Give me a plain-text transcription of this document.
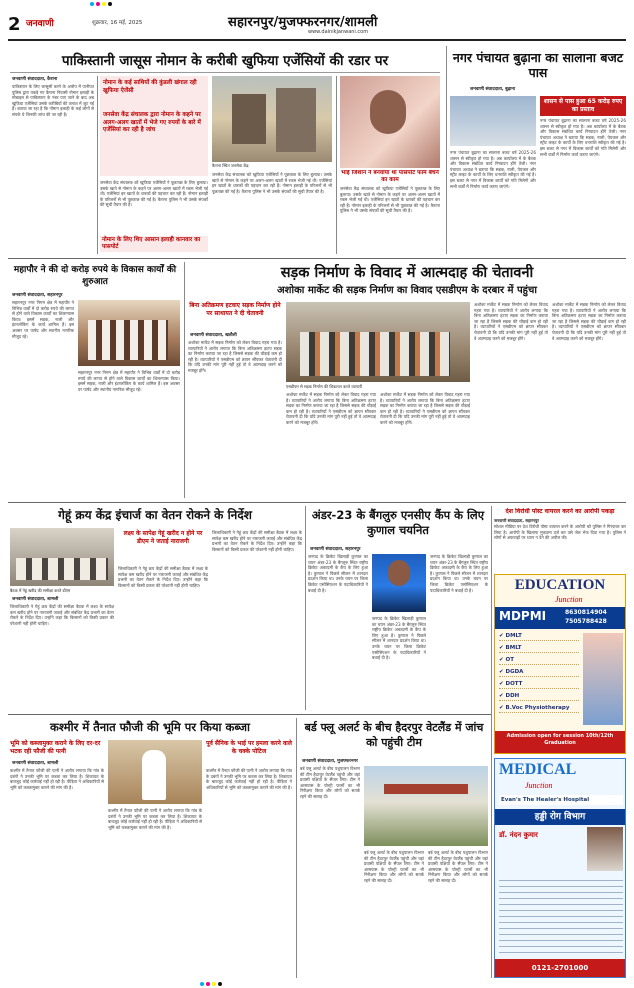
2 जनवाणी	शुक्रवार, 16 मई, 2025	सहारनपुर/मुजफ्फरनगर/शामली
www.dainikjanwani.com
पाकिस्तानी जासूस नोमान के करीबी खुफिया एजेंसियों की रडार पर
जनवाणी संवाददाता, कैराना
पाकिस्तान के लिए जासूसी करने के आरोप में पानीपत पुलिस द्वारा पकड़े गए कैराना निवासी नोमान इलाही के मोबाइल से पाकिस्तान के नंबर पाए जाने के बाद अब खुफिया एजेंसियां उसके करीबियों की तलाश में जुट गई हैं। बताया जा रहा है कि नोमान इलाही के कई लोगों से संपर्क थे जिनकी जांच की जा रही है।
नोमान के कई साथियों की कुंडली खंगाल रही खुफिया ऐजेंसी
जनसेवा केंद्र संचालक द्वारा नोमान के कहने पर अलग-अलग खातों में भेजे गए रुपयों के बारे में एजेंसियां कर रही है जांच
कैराना स्थित जनसेवा केंद्र
भाई जिशान ने बनवाया था पासपोर्ट फार्म बेचने का काम
जनसेवा केंद्र संचालक को खुफिया एजेंसियों ने पूछताछ के लिए बुलाया। उसके खाते से नोमान के कहने पर अलग-अलग खातों में रकम भेजी गई थी। एजेंसियां इन खातों के धारकों की पहचान कर रही हैं। नोमान इलाही के परिजनों से भी पूछताछ की गई है। कैराना पुलिस ने भी उसके संपर्कों की सूची तैयार की है।
जनसेवा केंद्र संचालक को खुफिया एजेंसियों ने पूछताछ के लिए बुलाया। उसके खाते से नोमान के कहने पर अलग-अलग खातों में रकम भेजी गई थी। एजेंसियां इन खातों के धारकों की पहचान कर रही हैं। नोमान इलाही के परिजनों से भी पूछताछ की गई है। कैराना पुलिस ने भी उसके संपर्कों की सूची तैयार की है।
नोमान के लिए थिए आसान इलाही कानवार का पासपोर्ट
जनसेवा केंद्र संचालक को खुफिया एजेंसियों ने पूछताछ के लिए बुलाया। उसके खाते से नोमान के कहने पर अलग-अलग खातों में रकम भेजी गई थी। एजेंसियां इन खातों के धारकों की पहचान कर रही हैं। नोमान इलाही के परिजनों से भी पूछताछ की गई है। कैराना पुलिस ने भी उसके संपर्कों की सूची तैयार की है।
नगर पंचायत बुढ़ाना का सालाना बजट पास
जनवाणी संवाददाता, बुढ़ाना
शासन से पास हुआ 65 करोड़ रुपए का प्रस्ताव
नगर पंचायत बुढ़ाना का सालाना बजट वर्ष 2025-26 शासन से स्वीकृत हो गया है। अब कार्यालय में के बैठक और विकास संबंधित कार्य निष्पादन होंगे तेजी। नगर पंचायत अध्यक्ष ने बताया कि सड़क, नाली, पेयजल और स्ट्रीट लाइट के कार्यों के लिए धनराशि स्वीकृत की गई है। इस बजट से नगर में विकास कार्यों को गति मिलेगी और सभी वार्डों में निर्माण कार्य कराए जाएंगे।
नगर पंचायत बुढ़ाना का सालाना बजट वर्ष 2025-26 शासन से स्वीकृत हो गया है। अब कार्यालय में के बैठक और विकास संबंधित कार्य निष्पादन होंगे तेजी। नगर पंचायत अध्यक्ष ने बताया कि सड़क, नाली, पेयजल और स्ट्रीट लाइट के कार्यों के लिए धनराशि स्वीकृत की गई है। इस बजट से नगर में विकास कार्यों को गति मिलेगी और सभी वार्डों में निर्माण कार्य कराए जाएंगे।
महापौर ने की दो करोड़ रुपये के विकास कार्यों की शुरुआत
जनवाणी संवाददाता, सहारनपुर
सहारनपुर नगर निगम क्षेत्र में महापौर ने विभिन्न वार्डों में दो करोड़ रुपये की लागत से होने वाले विकास कार्यों का शिलान्यास किया। इसमें सड़क, नाली और इंटरलॉकिंग के कार्य शामिल हैं। इस अवसर पर पार्षद और स्थानीय नागरिक मौजूद रहे।
सहारनपुर नगर निगम क्षेत्र में महापौर ने विभिन्न वार्डों में दो करोड़ रुपये की लागत से होने वाले विकास कार्यों का शिलान्यास किया। इसमें सड़क, नाली और इंटरलॉकिंग के कार्य शामिल हैं। इस अवसर पर पार्षद और स्थानीय नागरिक मौजूद रहे।
सड़क निर्माण के विवाद में आत्मदाह की चेतावनी
अशोका मार्केट की सड़क निर्माण का विवाद एसडीएम के दरबार में पहुंचा
बिना अतिक्रमण हटवाए सड़क निर्माण होने पर साथायत ने दी चेतावनी
जनवाणी संवाददाता, खतौली
अशोका मार्केट में सड़क निर्माण को लेकर विवाद गहरा गया है। व्यापारियों ने आरोप लगाया कि बिना अतिक्रमण हटाए सड़क का निर्माण कराया जा रहा है जिससे सड़क की चौड़ाई कम हो रही है। व्यापारियों ने एसडीएम को ज्ञापन सौंपकर चेतावनी दी कि यदि उनकी मांग पूरी नहीं हुई तो वे आत्मदाह करने को मजबूर होंगे।
एसडीएम से सड़क निर्माण की शिकायत करते व्यापारी
अशोका मार्केट में सड़क निर्माण को लेकर विवाद गहरा गया है। व्यापारियों ने आरोप लगाया कि बिना अतिक्रमण हटाए सड़क का निर्माण कराया जा रहा है जिससे सड़क की चौड़ाई कम हो रही है। व्यापारियों ने एसडीएम को ज्ञापन सौंपकर चेतावनी दी कि यदि उनकी मांग पूरी नहीं हुई तो वे आत्मदाह करने को मजबूर होंगे।
अशोका मार्केट में सड़क निर्माण को लेकर विवाद गहरा गया है। व्यापारियों ने आरोप लगाया कि बिना अतिक्रमण हटाए सड़क का निर्माण कराया जा रहा है जिससे सड़क की चौड़ाई कम हो रही है। व्यापारियों ने एसडीएम को ज्ञापन सौंपकर चेतावनी दी कि यदि उनकी मांग पूरी नहीं हुई तो वे आत्मदाह करने को मजबूर होंगे।
अशोका मार्केट में सड़क निर्माण को लेकर विवाद गहरा गया है। व्यापारियों ने आरोप लगाया कि बिना अतिक्रमण हटाए सड़क का निर्माण कराया जा रहा है जिससे सड़क की चौड़ाई कम हो रही है। व्यापारियों ने एसडीएम को ज्ञापन सौंपकर चेतावनी दी कि यदि उनकी मांग पूरी नहीं हुई तो वे आत्मदाह करने को मजबूर होंगे।
अशोका मार्केट में सड़क निर्माण को लेकर विवाद गहरा गया है। व्यापारियों ने आरोप लगाया कि बिना अतिक्रमण हटाए सड़क का निर्माण कराया जा रहा है जिससे सड़क की चौड़ाई कम हो रही है। व्यापारियों ने एसडीएम को ज्ञापन सौंपकर चेतावनी दी कि यदि उनकी मांग पूरी नहीं हुई तो वे आत्मदाह करने को मजबूर होंगे।
गेहूं क्रय केंद्र इंचार्ज का वेतन रोकने के निर्देश
बैठक में गेहूं खरीद की समीक्षा करते डीएम
जनवाणी संवाददाता, शामली
जिलाधिकारी ने गेहूं क्रय केंद्रों की समीक्षा बैठक में लक्ष्य के सापेक्ष कम खरीद होने पर नाराजगी जताई और संबंधित केंद्र प्रभारी का वेतन रोकने के निर्देश दिए। उन्होंने कहा कि किसानों को किसी प्रकार की परेशानी नहीं होनी चाहिए।
लक्ष्य के सापेक्ष गेहूं खरीद न होने पर डीएम ने जताई नाराजगी
जिलाधिकारी ने गेहूं क्रय केंद्रों की समीक्षा बैठक में लक्ष्य के सापेक्ष कम खरीद होने पर नाराजगी जताई और संबंधित केंद्र प्रभारी का वेतन रोकने के निर्देश दिए। उन्होंने कहा कि किसानों को किसी प्रकार की परेशानी नहीं होनी चाहिए।
जिलाधिकारी ने गेहूं क्रय केंद्रों की समीक्षा बैठक में लक्ष्य के सापेक्ष कम खरीद होने पर नाराजगी जताई और संबंधित केंद्र प्रभारी का वेतन रोकने के निर्देश दिए। उन्होंने कहा कि किसानों को किसी प्रकार की परेशानी नहीं होनी चाहिए।
अंडर-23 के बैंगलुरु एनसीए कैंप के लिए कुणाल चयनित
जनवाणी संवाददाता, सहारनपुर
जनपद के क्रिकेट खिलाड़ी कुणाल का चयन अंडर-23 के बैंगलुरु स्थित राष्ट्रीय क्रिकेट अकादमी के कैंप के लिए हुआ है। कुणाल ने पिछले सीजन में शानदार प्रदर्शन किया था। उनके चयन पर जिला क्रिकेट एसोसिएशन के पदाधिकारियों ने बधाई दी है।
जनपद के क्रिकेट खिलाड़ी कुणाल का चयन अंडर-23 के बैंगलुरु स्थित राष्ट्रीय क्रिकेट अकादमी के कैंप के लिए हुआ है। कुणाल ने पिछले सीजन में शानदार प्रदर्शन किया था। उनके चयन पर जिला क्रिकेट एसोसिएशन के पदाधिकारियों ने बधाई दी है।
जनपद के क्रिकेट खिलाड़ी कुणाल का चयन अंडर-23 के बैंगलुरु स्थित राष्ट्रीय क्रिकेट अकादमी के कैंप के लिए हुआ है। कुणाल ने पिछले सीजन में शानदार प्रदर्शन किया था। उनके चयन पर जिला क्रिकेट एसोसिएशन के पदाधिकारियों ने बधाई दी है।
देश विरोधी पोस्ट वायरल करने का आरोपी पकड़ा
जनवाणी संवाददाता, सहारनपुर
सोशल मीडिया पर देश विरोधी पोस्ट वायरल करने के आरोपी को पुलिस ने गिरफ्तार कर लिया है। आरोपी के खिलाफ मुकदमा दर्ज कर उसे जेल भेज दिया गया है। पुलिस ने लोगों से अफवाहों पर ध्यान न देने की अपील की।
EDUCATION
Junction
MDPMI	8630814904
7505788428
✔ DMLT
✔ BMLT
✔ OT
✔ DGDA
✔ DOTT
✔ DDH
✔ B.Voc Physiotherapy
Admission open for session 10th/12th Graduation
MEDICAL
Junction
Evan's The Healer's Hospital
हड्डी रोग विभाग
डॉ. नंदन कुमार
0121-2701000
कश्मीर में तैनात फौजी की भूमि पर किया कब्जा
भूमि को कब्जामुक्त कराने के लिए दर-दर भटक रही फौजी की पत्नी
जनवाणी संवाददाता, शामली
कश्मीर में तैनात फौजी की पत्नी ने आरोप लगाया कि गांव के दबंगों ने उनकी भूमि पर कब्जा कर लिया है। शिकायत के बावजूद कोई कार्रवाई नहीं हो रही है। पीड़िता ने अधिकारियों से भूमि को कब्जामुक्त कराने की मांग की है।
पूर्व सैनिक के भाई पर हमला करने वाले के चक्के पोटिज
कश्मीर में तैनात फौजी की पत्नी ने आरोप लगाया कि गांव के दबंगों ने उनकी भूमि पर कब्जा कर लिया है। शिकायत के बावजूद कोई कार्रवाई नहीं हो रही है। पीड़िता ने अधिकारियों से भूमि को कब्जामुक्त कराने की मांग की है।
कश्मीर में तैनात फौजी की पत्नी ने आरोप लगाया कि गांव के दबंगों ने उनकी भूमि पर कब्जा कर लिया है। शिकायत के बावजूद कोई कार्रवाई नहीं हो रही है। पीड़िता ने अधिकारियों से भूमि को कब्जामुक्त कराने की मांग की है।
बर्ड फ्लू अलर्ट के बीच हैदरपुर वेटलैंड में जांच को पहुंची टीम
जनवाणी संवाददाता, मुजफ्फरनगर
बर्ड फ्लू अलर्ट के बीच पशुपालन विभाग की टीम हैदरपुर वेटलैंड पहुंची और वहां प्रवासी पक्षियों के सैंपल लिए। टीम ने आसपास के पोल्ट्री फार्मों का भी निरीक्षण किया और लोगों को सतर्क रहने की सलाह दी।
बर्ड फ्लू अलर्ट के बीच पशुपालन विभाग की टीम हैदरपुर वेटलैंड पहुंची और वहां प्रवासी पक्षियों के सैंपल लिए। टीम ने आसपास के पोल्ट्री फार्मों का भी निरीक्षण किया और लोगों को सतर्क रहने की सलाह दी।
बर्ड फ्लू अलर्ट के बीच पशुपालन विभाग की टीम हैदरपुर वेटलैंड पहुंची और वहां प्रवासी पक्षियों के सैंपल लिए। टीम ने आसपास के पोल्ट्री फार्मों का भी निरीक्षण किया और लोगों को सतर्क रहने की सलाह दी।
